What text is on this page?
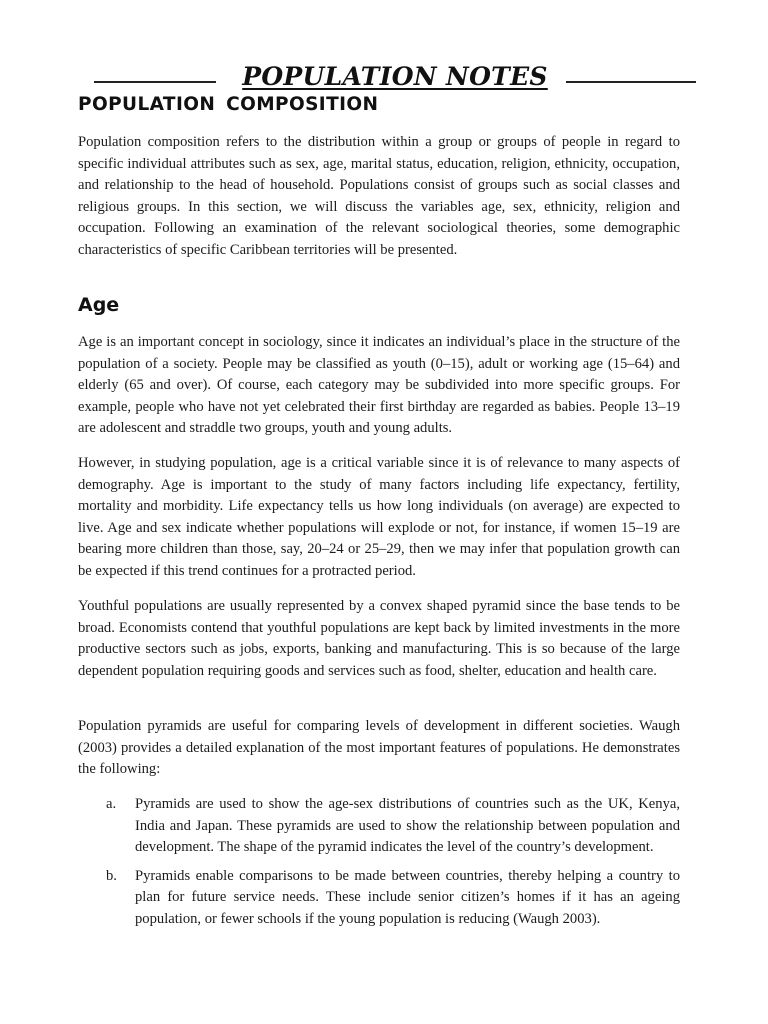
POPULATION NOTES
POPULATION COMPOSITION

Population composition refers to the distribution within a group or groups of people in regard to specific individual attributes such as sex, age, marital status, education, religion, ethnicity, occupation, and relationship to the head of household. Populations consist of groups such as social classes and religious groups. In this section, we will discuss the variables age, sex, ethnicity, religion and occupation. Following an examination of the relevant sociological theories, some demographic characteristics of specific Caribbean territories will be presented.

Age

Age is an important concept in sociology, since it indicates an individual’s place in the structure of the population of a society. People may be classified as youth (0–15), adult or working age (15–64) and elderly (65 and over). Of course, each category may be subdivided into more specific groups. For example, people who have not yet celebrated their first birthday are regarded as babies. People 13–19 are adolescent and straddle two groups, youth and young adults.

However, in studying population, age is a critical variable since it is of relevance to many aspects of demography. Age is important to the study of many factors including life expectancy, fertility, mortality and morbidity. Life expectancy tells us how long individuals (on average) are expected to live. Age and sex indicate whether populations will explode or not, for instance, if women 15–19 are bearing more children than those, say, 20–24 or 25–29, then we may infer that population growth can be expected if this trend continues for a protracted period.

Youthful populations are usually represented by a convex shaped pyramid since the base tends to be broad. Economists contend that youthful populations are kept back by limited investments in the more productive sectors such as jobs, exports, banking and manufacturing. This is so because of the large dependent population requiring goods and services such as food, shelter, education and health care.

Population pyramids are useful for comparing levels of development in different societies. Waugh (2003) provides a detailed explanation of the most important features of populations. He demonstrates the following:

a. Pyramids are used to show the age-sex distributions of countries such as the UK, Kenya, India and Japan. These pyramids are used to show the relationship between population and development. The shape of the pyramid indicates the level of the country’s development.
b. Pyramids enable comparisons to be made between countries, thereby helping a country to plan for future service needs. These include senior citizen’s homes if it has an ageing population, or fewer schools if the young population is reducing (Waugh 2003).
